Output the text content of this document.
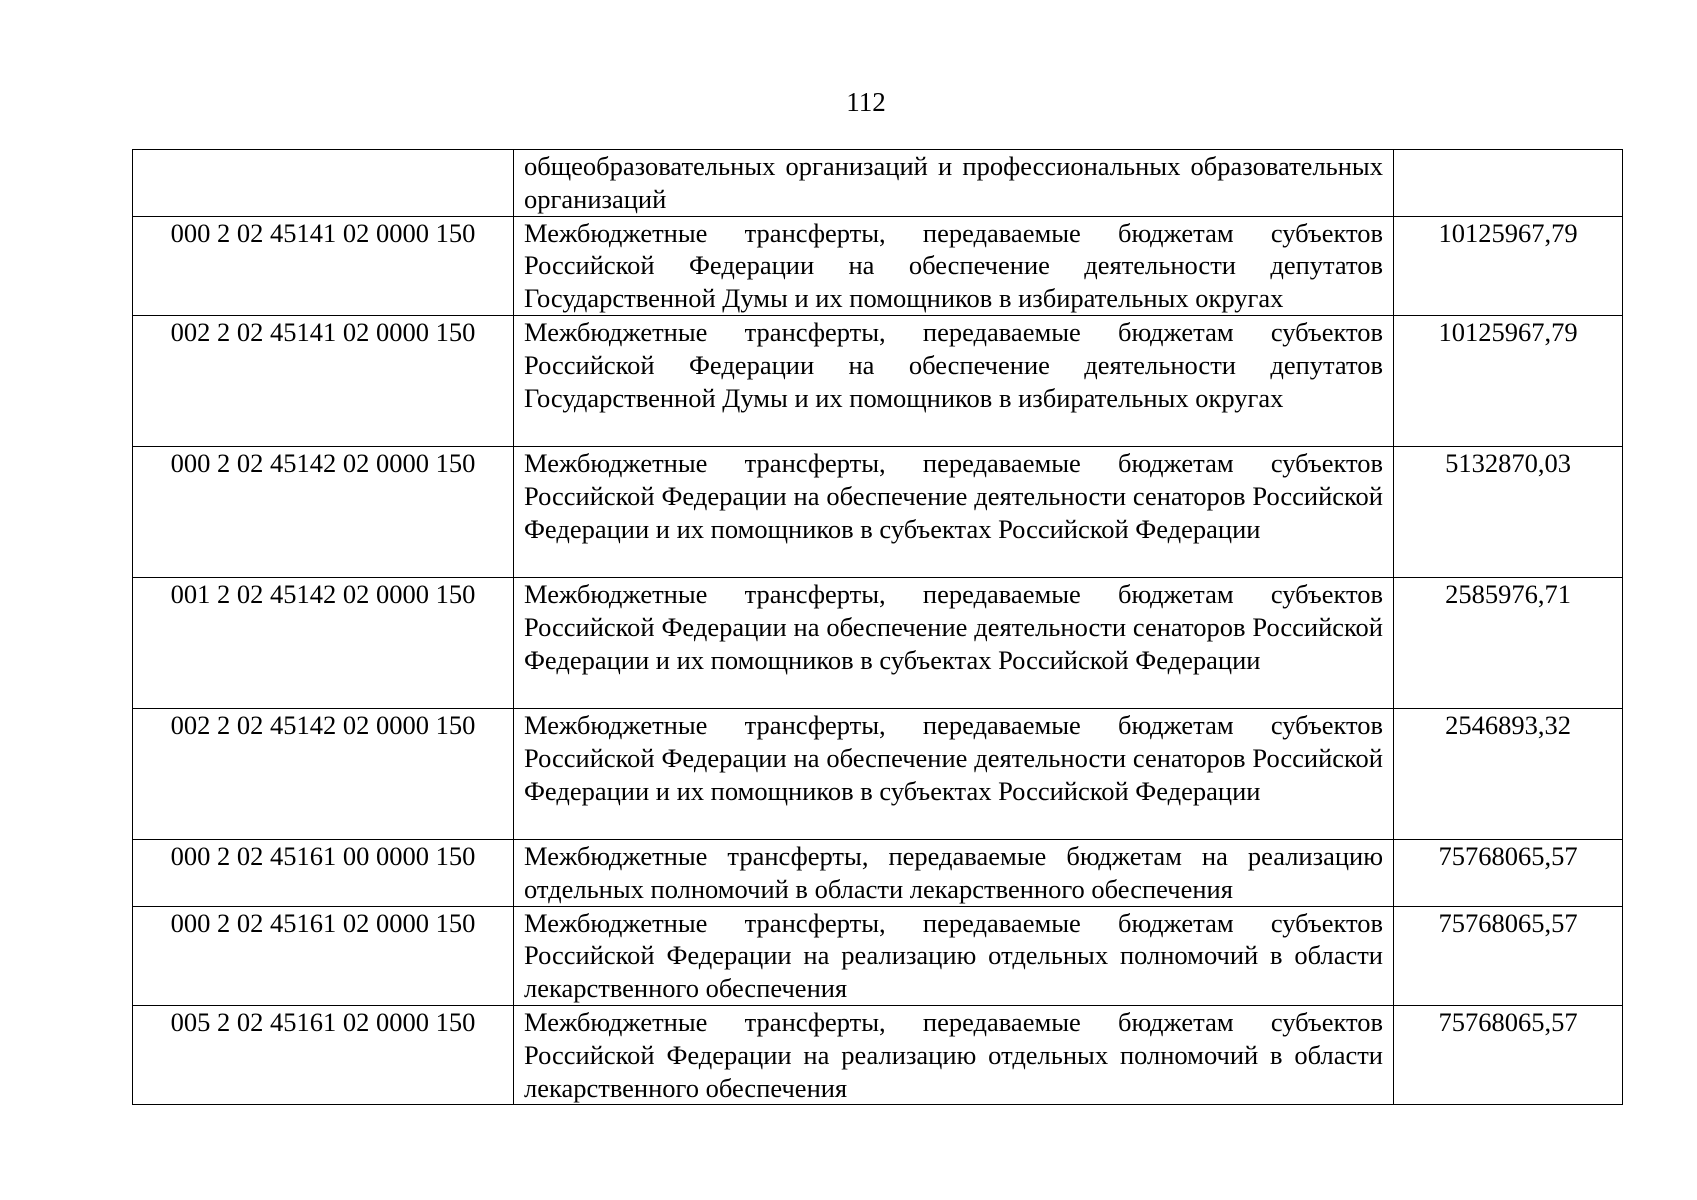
112
	общеобразовательных организаций и профессиональных образовательных организаций	
000 2 02 45141 02 0000 150	Межбюджетные трансферты, передаваемые бюджетам субъектов Российской Федерации на обеспечение деятельности депутатов Государственной Думы и их помощников в избирательных округах	10125967,79
002 2 02 45141 02 0000 150	Межбюджетные трансферты, передаваемые бюджетам субъектов Российской Федерации на обеспечение деятельности депутатов Государственной Думы и их помощников в избирательных округах	10125967,79
000 2 02 45142 02 0000 150	Межбюджетные трансферты, передаваемые бюджетам субъектов Российской Федерации на обеспечение деятельности сенаторов Российской Федерации и их помощников в субъектах Российской Федерации	5132870,03
001 2 02 45142 02 0000 150	Межбюджетные трансферты, передаваемые бюджетам субъектов Российской Федерации на обеспечение деятельности сенаторов Российской Федерации и их помощников в субъектах Российской Федерации	2585976,71
002 2 02 45142 02 0000 150	Межбюджетные трансферты, передаваемые бюджетам субъектов Российской Федерации на обеспечение деятельности сенаторов Российской Федерации и их помощников в субъектах Российской Федерации	2546893,32
000 2 02 45161 00 0000 150	Межбюджетные трансферты, передаваемые бюджетам на реализацию отдельных полномочий в области лекарственного обеспечения	75768065,57
000 2 02 45161 02 0000 150	Межбюджетные трансферты, передаваемые бюджетам субъектов Российской Федерации на реализацию отдельных полномочий в области лекарственного обеспечения	75768065,57
005 2 02 45161 02 0000 150	Межбюджетные трансферты, передаваемые бюджетам субъектов Российской Федерации на реализацию отдельных полномочий в области лекарственного обеспечения	75768065,57
